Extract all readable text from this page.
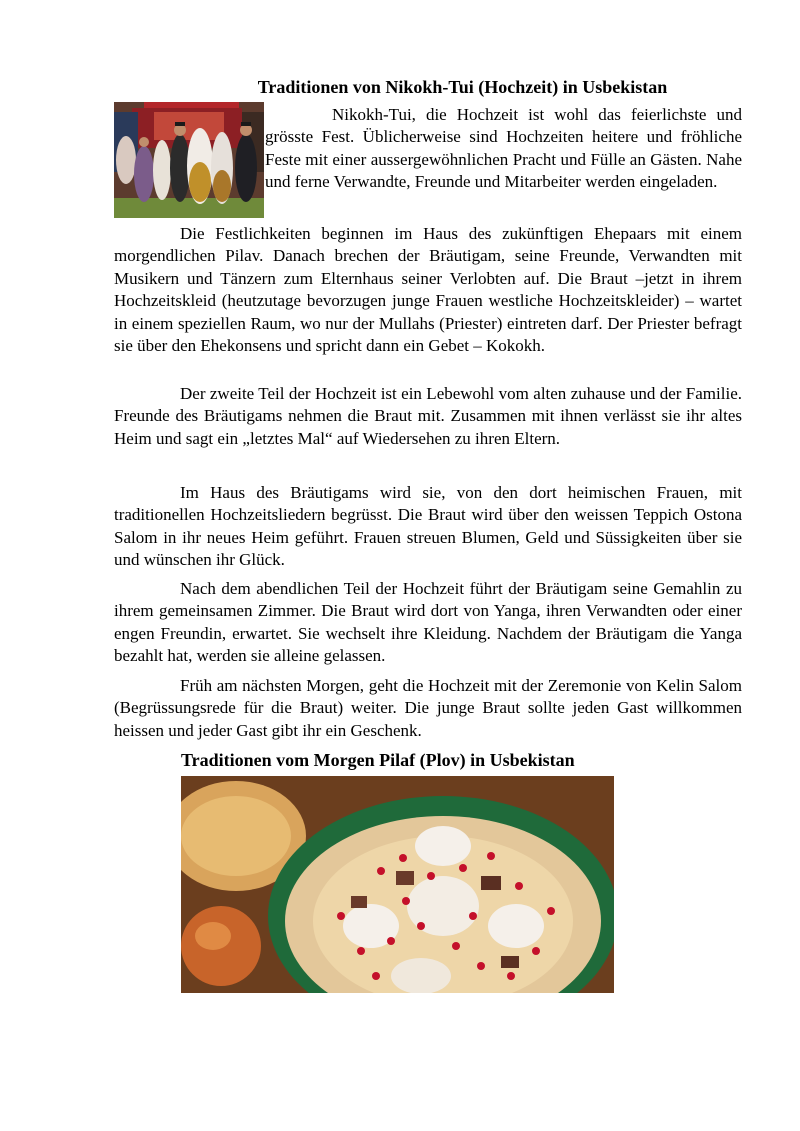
Traditionen von Nikokh-Tui (Hochzeit) in Usbekistan

Nikokh-Tui, die Hochzeit ist wohl das feierlichste und grösste Fest. Üblicherweise sind Hochzeiten heitere und fröhliche Feste mit einer aussergewöhnlichen Pracht und Fülle an Gästen. Nahe und ferne Verwandte, Freunde und Mitarbeiter werden eingeladen.

Die Festlichkeiten beginnen im Haus des zukünftigen Ehepaars mit einem morgendlichen Pilav. Danach brechen der Bräutigam, seine Freunde, Verwandten mit Musikern und Tänzern zum Elternhaus seiner Verlobten auf. Die Braut –jetzt in ihrem Hochzeitskleid (heutzutage bevorzugen junge Frauen westliche Hochzeitskleider) – wartet in einem speziellen Raum, wo nur der Mullahs (Priester) eintreten darf. Der Priester befragt sie über den Ehekonsens und spricht dann ein Gebet – Kokokh.

Der zweite Teil der Hochzeit ist ein Lebewohl vom alten zuhause und der Familie. Freunde des Bräutigams nehmen die Braut mit. Zusammen mit ihnen verlässt sie ihr altes Heim und sagt ein „letztes Mal“ auf Wiedersehen zu ihren Eltern.

Im Haus des Bräutigams wird sie, von den dort heimischen Frauen, mit traditionellen Hochzeitsliedern begrüsst. Die Braut wird über den weissen Teppich Ostona Salom in ihr neues Heim geführt. Frauen streuen Blumen, Geld und Süssigkeiten über sie und wünschen ihr Glück.

Nach dem abendlichen Teil der Hochzeit führt der Bräutigam seine Gemahlin zu ihrem gemeinsamen Zimmer. Die Braut wird dort von Yanga, ihren Verwandten oder einer engen Freundin, erwartet. Sie wechselt ihre Kleidung. Nachdem der Bräutigam die Yanga bezahlt hat, werden sie alleine gelassen.

Früh am nächsten Morgen, geht die Hochzeit mit der Zeremonie von Kelin Salom (Begrüssungsrede für die Braut) weiter. Die junge Braut sollte jeden Gast willkommen heissen und jeder Gast gibt ihr ein Geschenk.

Traditionen vom Morgen Pilaf (Plov) in Usbekistan
